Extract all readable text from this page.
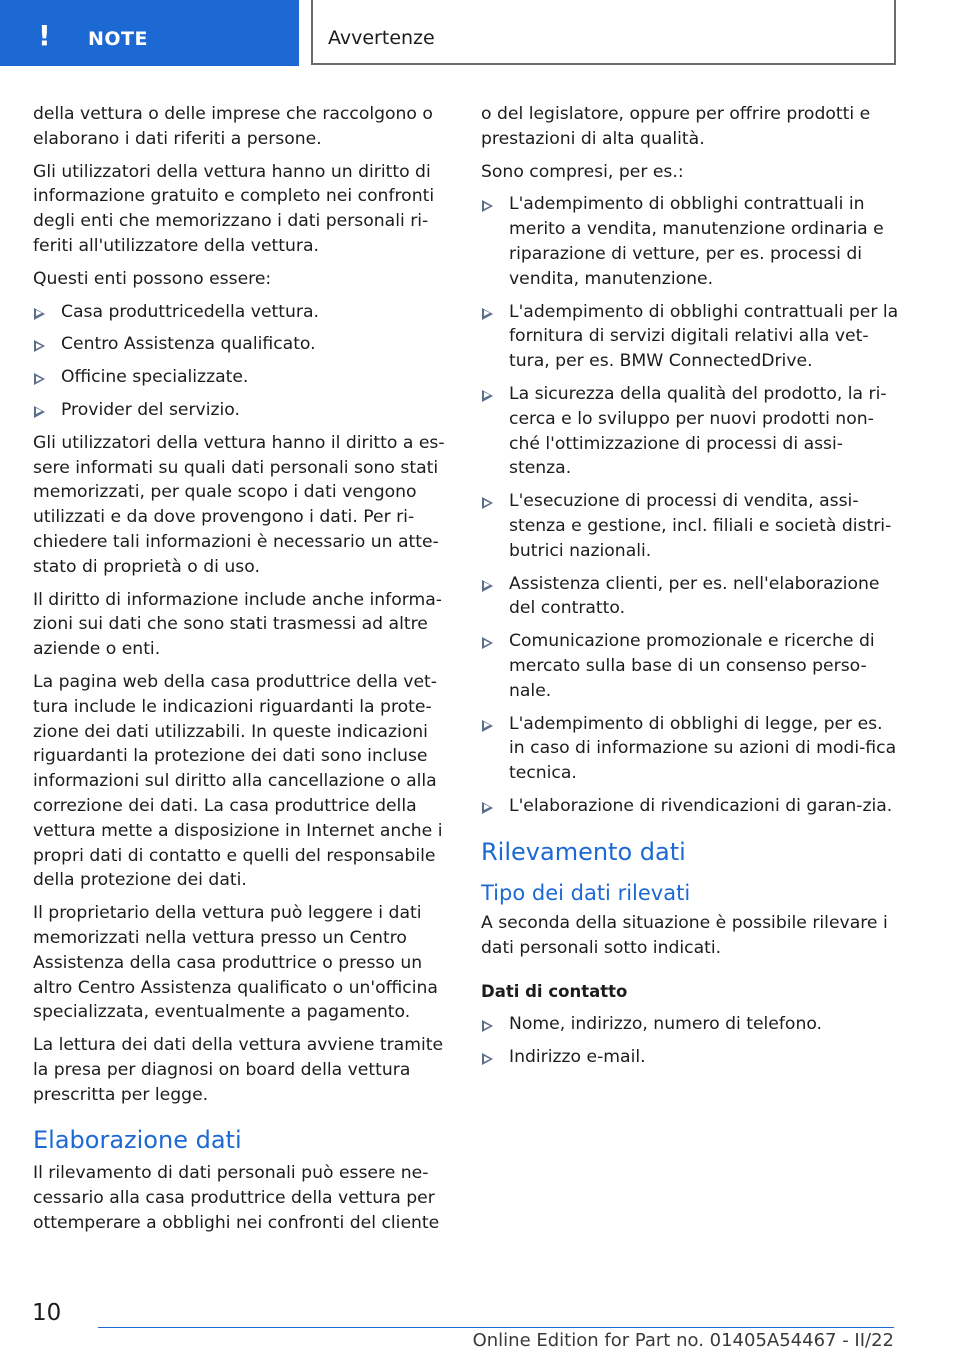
! NOTE	Avvertenze

della vettura o delle imprese che raccolgono o elaborano i dati riferiti a persone.

Gli utilizzatori della vettura hanno un diritto di informazione gratuito e completo nei confronti degli enti che memorizzano i dati personali ri-feriti all'utilizzatore della vettura.

Questi enti possono essere:

Casa produttricedella vettura.
Centro Assistenza qualificato.
Officine specializzate.
Provider del servizio.

Gli utilizzatori della vettura hanno il diritto a es-sere informati su quali dati personali sono stati memorizzati, per quale scopo i dati vengono utilizzati e da dove provengono i dati. Per ri-chiedere tali informazioni è necessario un atte-stato di proprietà o di uso.

Il diritto di informazione include anche informa-zioni sui dati che sono stati trasmessi ad altre aziende o enti.

La pagina web della casa produttrice della vet-tura include le indicazioni riguardanti la prote-zione dei dati utilizzabili. In queste indicazioni riguardanti la protezione dei dati sono incluse informazioni sul diritto alla cancellazione o alla correzione dei dati. La casa produttrice della vettura mette a disposizione in Internet anche i propri dati di contatto e quelli del responsabile della protezione dei dati.

Il proprietario della vettura può leggere i dati memorizzati nella vettura presso un Centro Assistenza della casa produttrice o presso un altro Centro Assistenza qualificato o un'officina specializzata, eventualmente a pagamento.

La lettura dei dati della vettura avviene tramite la presa per diagnosi on board della vettura prescritta per legge.

Elaborazione dati

Il rilevamento di dati personali può essere ne-cessario alla casa produttrice della vettura per ottemperare a obblighi nei confronti del cliente

o del legislatore, oppure per offrire prodotti e prestazioni di alta qualità.

Sono compresi, per es.:

L'adempimento di obblighi contrattuali in merito a vendita, manutenzione ordinaria e riparazione di vetture, per es. processi di vendita, manutenzione.
L'adempimento di obblighi contrattuali per la fornitura di servizi digitali relativi alla vet-tura, per es. BMW ConnectedDrive.
La sicurezza della qualità del prodotto, la ri-cerca e lo sviluppo per nuovi prodotti non-ché l'ottimizzazione di processi di assi-stenza.
L'esecuzione di processi di vendita, assi-stenza e gestione, incl. filiali e società distri-butrici nazionali.
Assistenza clienti, per es. nell'elaborazione del contratto.
Comunicazione promozionale e ricerche di mercato sulla base di un consenso perso-nale.
L'adempimento di obblighi di legge, per es. in caso di informazione su azioni di modi-fica tecnica.
L'elaborazione di rivendicazioni di garan-zia.
Rilevamento dati
Tipo dei dati rilevati

A seconda della situazione è possibile rilevare i dati personali sotto indicati.

Dati di contatto
Nome, indirizzo, numero di telefono.
Indirizzo e-mail.
10
Online Edition for Part no. 01405A54467 - II/22
